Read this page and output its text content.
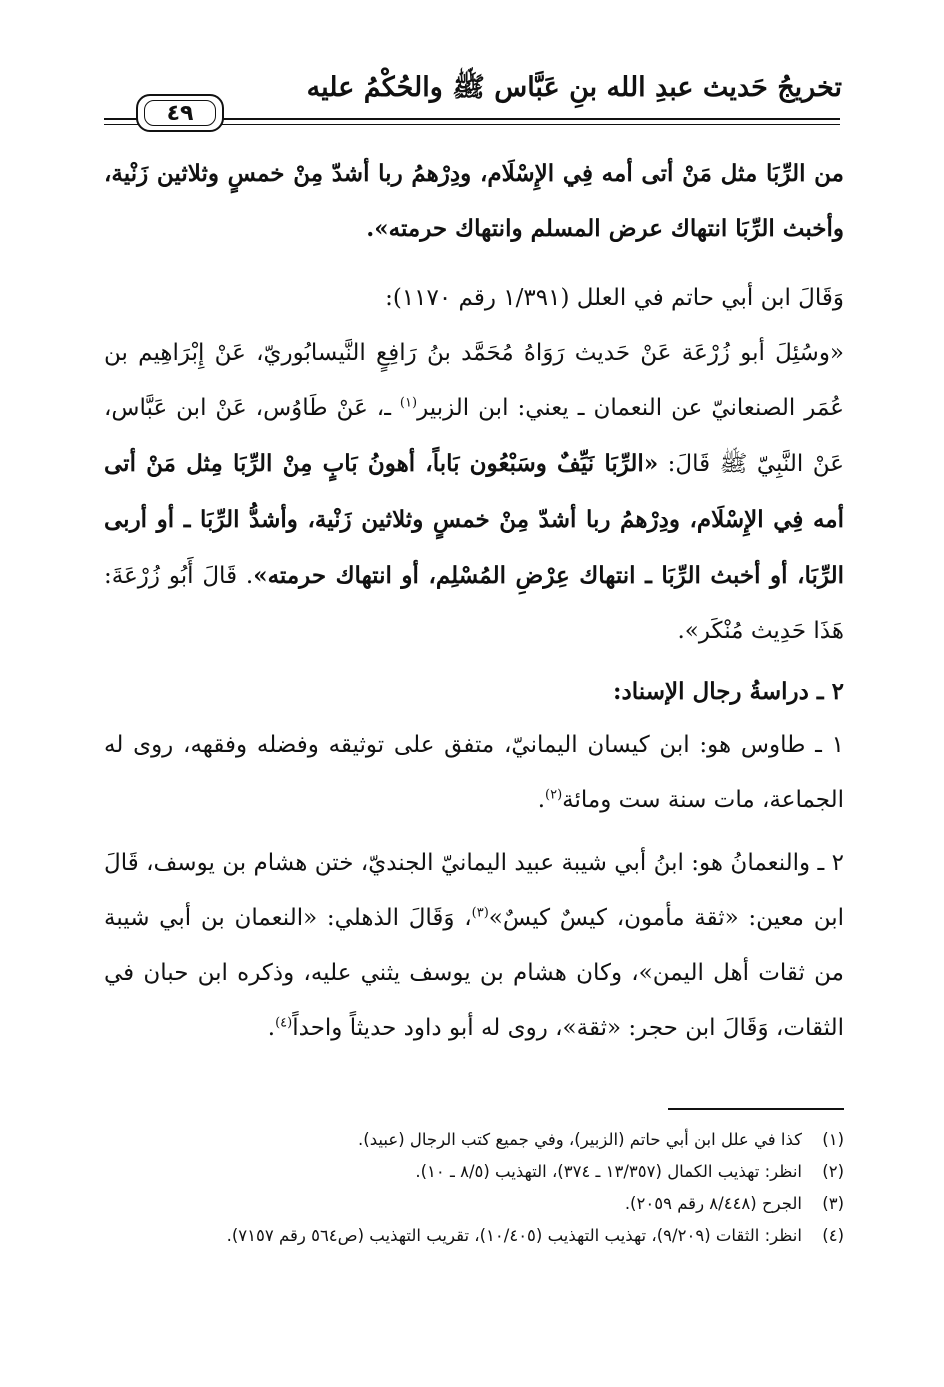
تخريجُ حَديث عبدِ الله بنِ عَبَّاس ﷺ والحُكْمُ عليه
٤٩
من الرِّبَا مثل مَنْ أتى أمه فِي الإِسْلَام، ودِرْهمُ ربا أشدّ مِنْ خمسٍ وثلاثين زَنْية، وأخبث الرِّبَا انتهاك عرض المسلم وانتهاك حرمته».
وَقَالَ ابن أبي حاتم في العلل (١/٣٩١ رقم ١١٧٠):
«وسُئِلَ أبو زُرْعَة عَنْ حَديث رَوَاهُ مُحَمَّد بنُ رَافِعٍ النَّيسابُوريّ، عَنْ إِبْرَاهِيم بن عُمَر الصنعانيّ عن النعمان ـ يعني: ابن الزبير$^{(١)}$ ـ، عَنْ طَاوُس، عَنْ ابن عَبَّاس، عَنْ النَّبِيّ ﷺ قَالَ: «الرِّبَا نَيِّفٌ وسَبْعُون بَاباً، أهونُ بَابٍ مِنْ الرِّبَا مِثل مَنْ أتى أمه فِي الإِسْلَام، ودِرْهمُ ربا أشدّ مِنْ خمسٍ وثلاثين زَنْية، وأشدُّ الرِّبَا ـ أو أربى الرِّبَا، أو أخبث الرِّبَا ـ انتهاك عِرْضِ المُسْلِم، أو انتهاك حرمته». قَالَ أَبُو زُرْعَةَ: هَذَا حَدِيث مُنْكَر».
٢ ـ دراسةُ رجال الإسناد:
١ ـ طاوس هو: ابن كيسان اليمانيّ، متفق على توثيقه وفضله وفقهه، روى له الجماعة، مات سنة ست ومائة$^{(٢)}$.
٢ ـ والنعمانُ هو: ابنُ أبي شيبة عبيد اليمانيّ الجنديّ، ختن هشام بن يوسف، قَالَ ابن معين: «ثقة مأمون، كيسٌ كيسٌ»$^{(٣)}$، وَقَالَ الذهلي: «النعمان بن أبي شيبة من ثقات أهل اليمن»، وكان هشام بن يوسف يثني عليه، وذكره ابن حبان في الثقات، وَقَالَ ابن حجر: «ثقة»، روى له أبو داود حديثاً واحداً$^{(٤)}$.
(١)
كذا في علل ابن أبي حاتم (الزبير)، وفي جميع كتب الرجال (عبيد).
(٢)
انظر: تهذيب الكمال (١٣/٣٥٧ ـ ٣٧٤)، التهذيب (٨/٥ ـ ١٠).
(٣)
الجرح (٨/٤٤٨ رقم ٢٠٥٩).
(٤)
انظر: الثقات (٩/٢٠٩)، تهذيب التهذيب (١٠/٤٠٥)، تقريب التهذيب (ص٥٦٤ رقم ٧١٥٧).
